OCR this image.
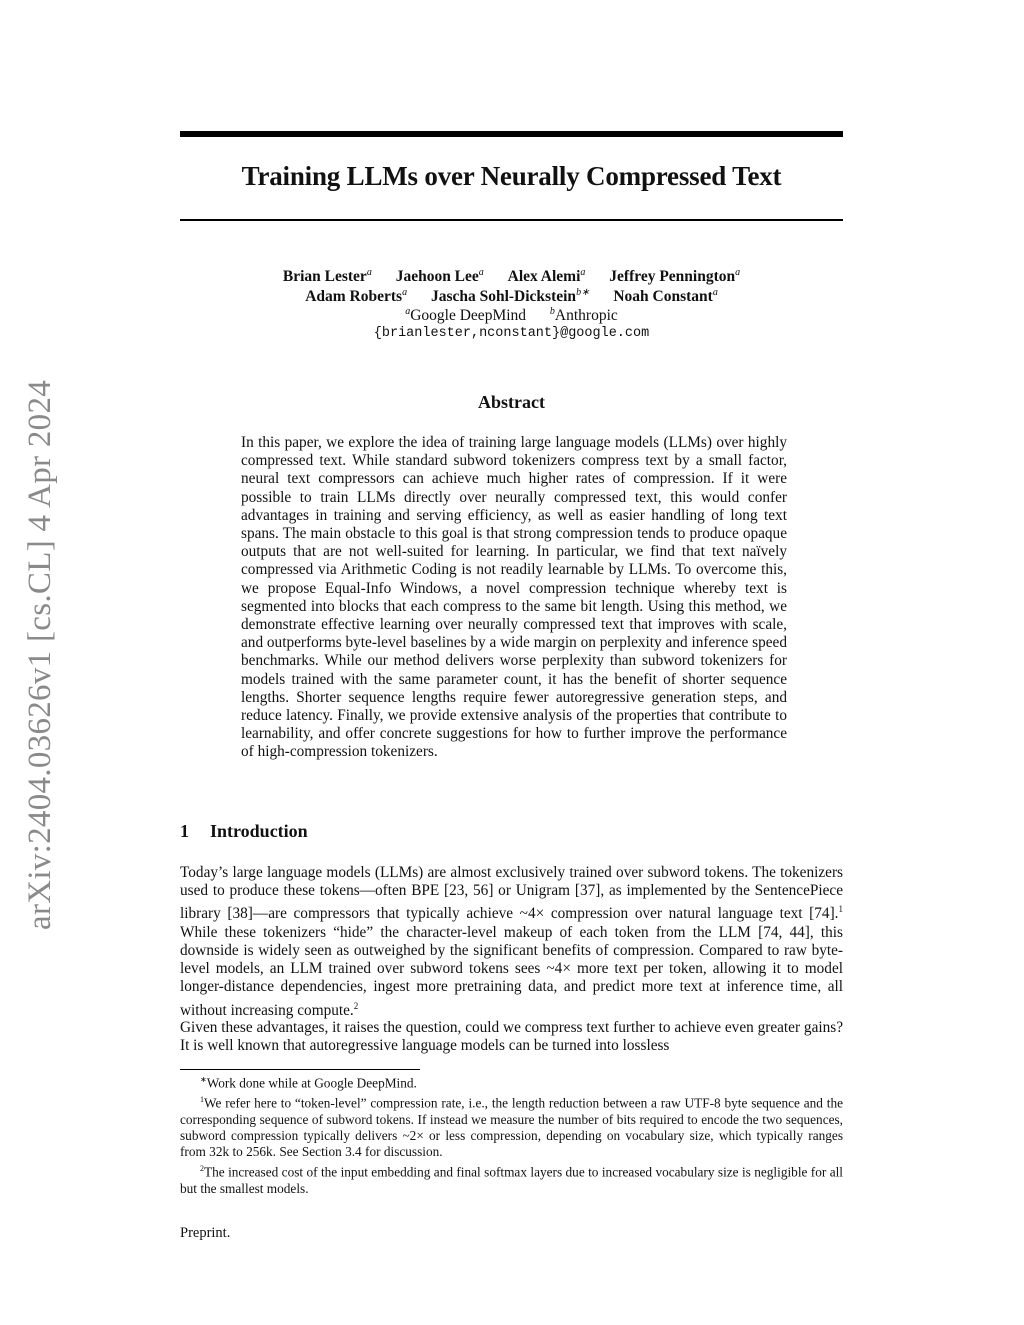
arXiv:2404.03626v1 [cs.CL] 4 Apr 2024
Training LLMs over Neurally Compressed Text
Brian Lester$^a$ Jaehoon Lee$^a$ Alex Alemi$^a$ Jeffrey Pennington$^a$
Adam Roberts$^a$ Jascha Sohl-Dickstein$^{b∗}$ Noah Constant$^a$
$^a$Google DeepMind $^b$Anthropic
{brianlester,nconstant}@google.com
Abstract
In this paper, we explore the idea of training large language models (LLMs) over highly compressed text. While standard subword tokenizers compress text by a small factor, neural text compressors can achieve much higher rates of compression. If it were possible to train LLMs directly over neurally compressed text, this would confer advantages in training and serving efficiency, as well as easier handling of long text spans. The main obstacle to this goal is that strong compression tends to produce opaque outputs that are not well-suited for learning. In particular, we find that text naïvely compressed via Arithmetic Coding is not readily learnable by LLMs. To overcome this, we propose Equal-Info Windows, a novel compression technique whereby text is segmented into blocks that each compress to the same bit length. Using this method, we demonstrate effective learning over neurally compressed text that improves with scale, and outperforms byte-level baselines by a wide margin on perplexity and inference speed benchmarks. While our method delivers worse perplexity than subword tokenizers for models trained with the same parameter count, it has the benefit of shorter sequence lengths. Shorter sequence lengths require fewer autoregressive generation steps, and reduce latency. Finally, we provide extensive analysis of the properties that contribute to learnability, and offer concrete suggestions for how to further improve the performance of high-compression tokenizers.
1 Introduction
Today’s large language models (LLMs) are almost exclusively trained over subword tokens. The tokenizers used to produce these tokens—often BPE [23, 56] or Unigram [37], as implemented by the SentencePiece library [38]—are compressors that typically achieve ~4× compression over natural language text [74].$^1$ While these tokenizers “hide” the character-level makeup of each token from the LLM [74, 44], this downside is widely seen as outweighed by the significant benefits of compression. Compared to raw byte-level models, an LLM trained over subword tokens sees ~4× more text per token, allowing it to model longer-distance dependencies, ingest more pretraining data, and predict more text at inference time, all without increasing compute.$^2$
Given these advantages, it raises the question, could we compress text further to achieve even greater gains? It is well known that autoregressive language models can be turned into lossless

∗Work done while at Google DeepMind.

$^1$We refer here to “token-level” compression rate, i.e., the length reduction between a raw UTF-8 byte sequence and the corresponding sequence of subword tokens. If instead we measure the number of bits required to encode the two sequences, subword compression typically delivers ~2× or less compression, depending on vocabulary size, which typically ranges from 32k to 256k. See Section 3.4 for discussion.

$^2$The increased cost of the input embedding and final softmax layers due to increased vocabulary size is negligible for all but the smallest models.

Preprint.
